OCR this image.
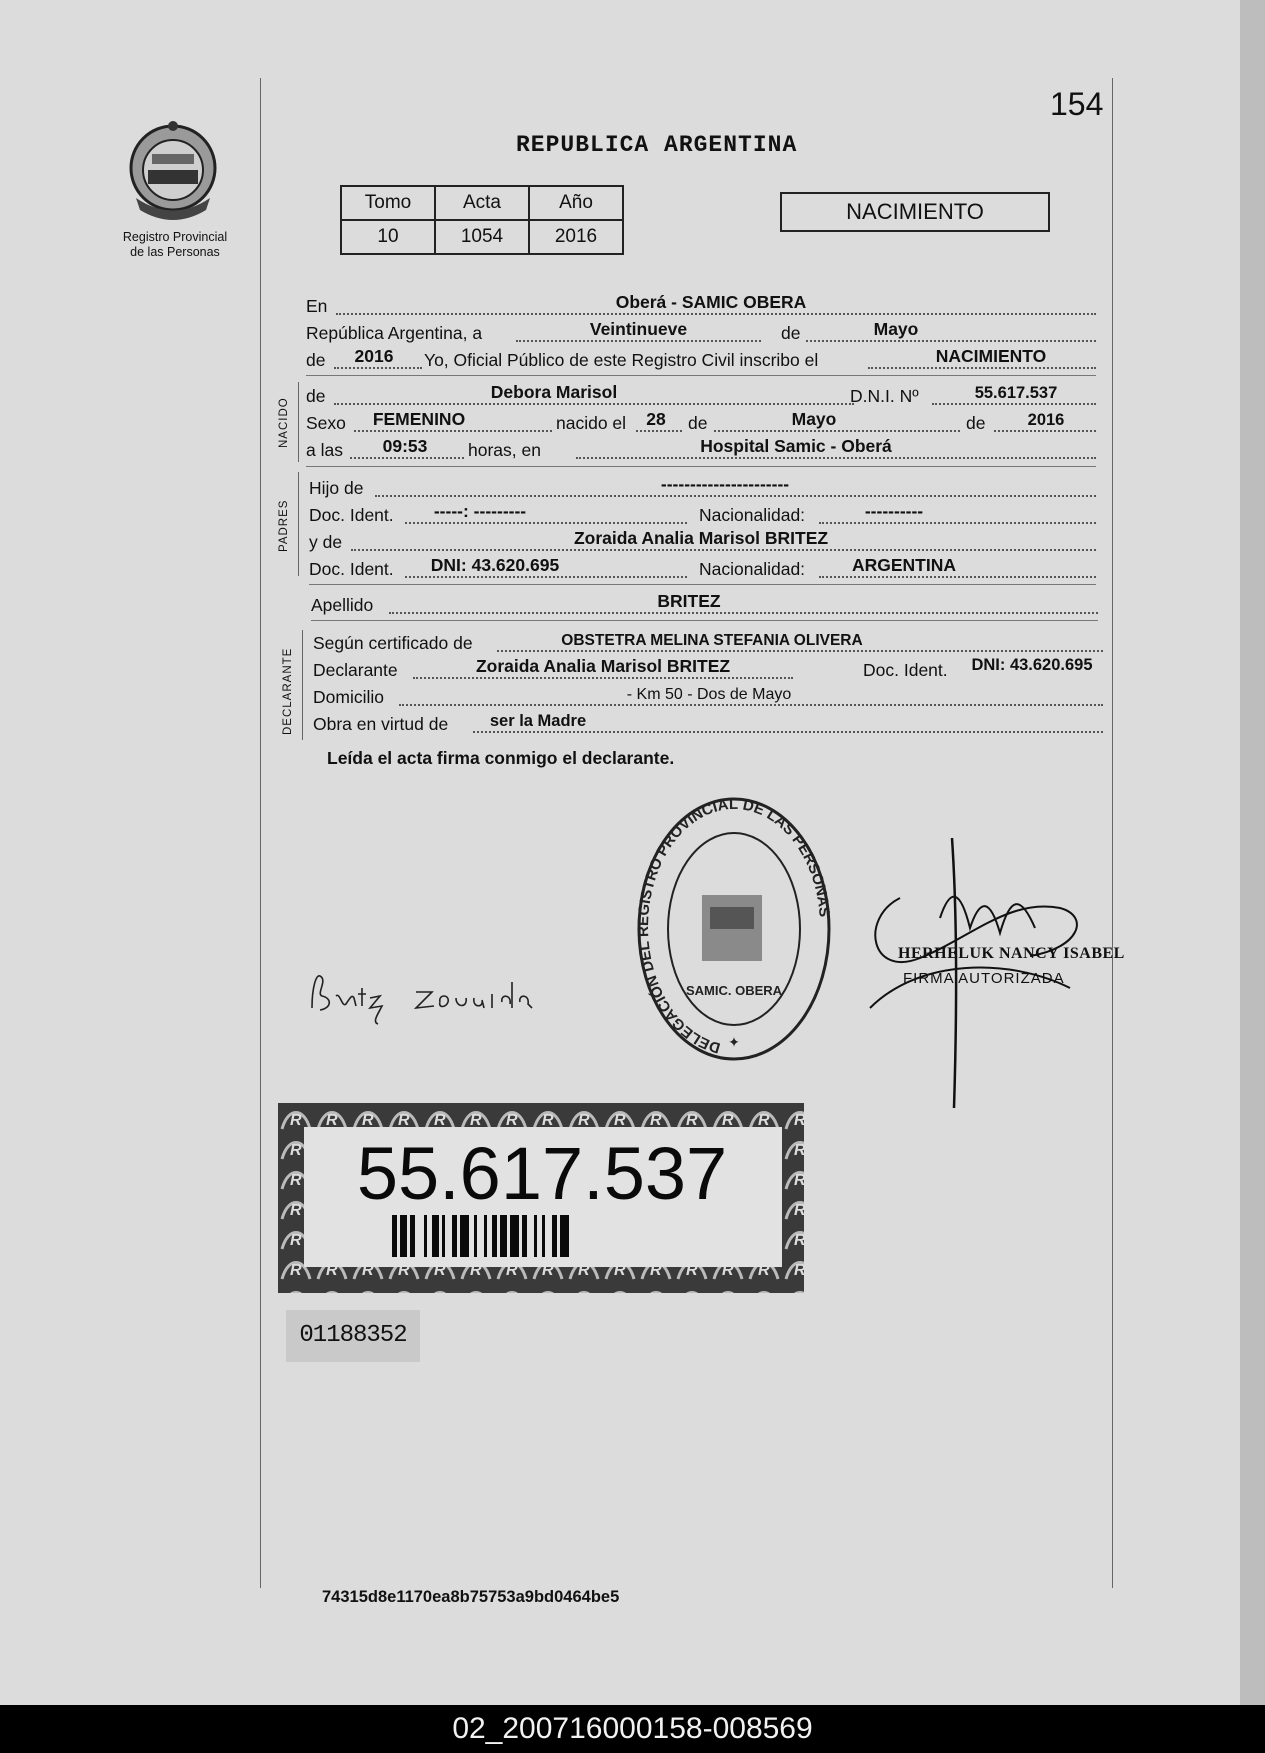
154
Registro Provincial
de las Personas
REPUBLICA ARGENTINA
Tomo	Acta	Año
10	1054	2016
NACIMIENTO
En	Oberá - SAMIC OBERA
República Argentina, a	Veintinueve	de	Mayo
de	2016	Yo, Oficial Público de este Registro Civil inscribo el	NACIMIENTO
NACIDO
de	Debora Marisol	D.N.I. Nº	55.617.537
Sexo	FEMENINO	nacido el	28	de	Mayo	de	2016
a las	09:53	horas, en	Hospital Samic - Oberá
PADRES
Hijo de	----------------------
Doc. Ident.	-----: ---------	Nacionalidad:	----------
y de	Zoraida Analia Marisol BRITEZ
Doc. Ident.	DNI: 43.620.695	Nacionalidad:	ARGENTINA
Apellido	BRITEZ
DECLARANTE
Según certificado de	OBSTETRA MELINA STEFANIA OLIVERA
Declarante	Zoraida Analia Marisol BRITEZ	Doc. Ident.	DNI: 43.620.695
Domicilio	- Km 50 - Dos de Mayo
Obra en virtud de	ser la Madre
Leída el acta firma conmigo el declarante.
DELEGACIÓN DEL REGISTRO PROVINCIAL DE LAS PERSONAS
SAMIC. OBERA
✦
HERHELUK NANCY ISABEL
FIRMA AUTORIZADA
55.617.537
01188352
74315d8e1170ea8b75753a9bd0464be5
02_200716000158-008569
